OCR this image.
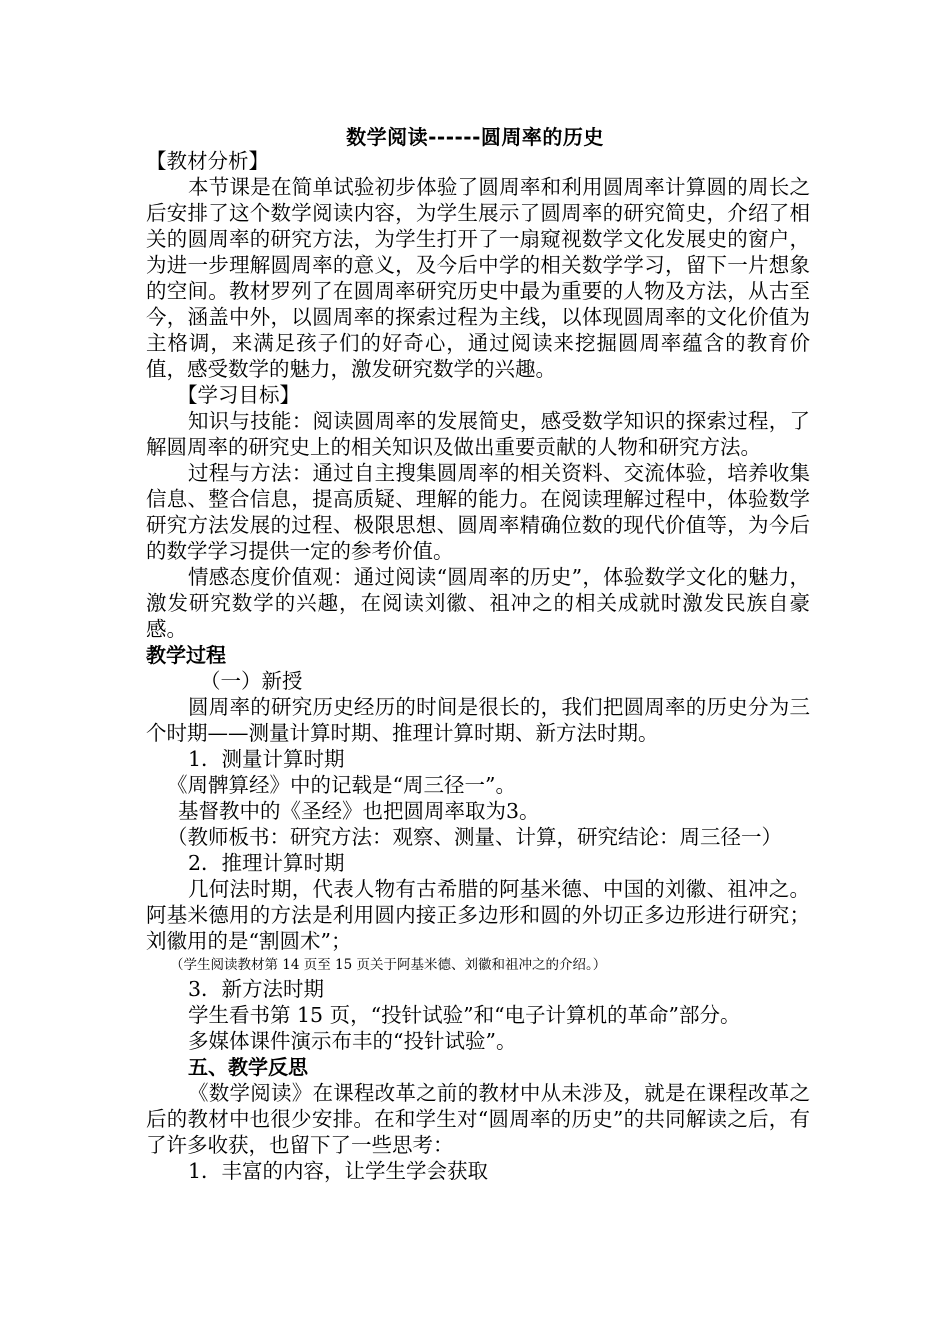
数学阅读------圆周率的历史

【教材分析】

本节课是在简单试验初步体验了圆周率和利用圆周率计算圆的周长之后安排了这个数学阅读内容，为学生展示了圆周率的研究简史，介绍了相关的圆周率的研究方法，为学生打开了一扇窥视数学文化发展史的窗户，为进一步理解圆周率的意义，及今后中学的相关数学学习，留下一片想象的空间。教材罗列了在圆周率研究历史中最为重要的人物及方法，从古至今，涵盖中外，以圆周率的探索过程为主线，以体现圆周率的文化价值为主格调，来满足孩子们的好奇心，通过阅读来挖掘圆周率蕴含的教育价值，感受数学的魅力，激发研究数学的兴趣。

【学习目标】

知识与技能：阅读圆周率的发展简史，感受数学知识的探索过程，了解圆周率的研究史上的相关知识及做出重要贡献的人物和研究方法。

过程与方法：通过自主搜集圆周率的相关资料、交流体验，培养收集信息、整合信息，提高质疑、理解的能力。在阅读理解过程中，体验数学研究方法发展的过程、极限思想、圆周率精确位数的现代价值等，为今后的数学学习提供一定的参考价值。

情感态度价值观：通过阅读“圆周率的历史”，体验数学文化的魅力，激发研究数学的兴趣，在阅读刘徽、祖冲之的相关成就时激发民族自豪感。

教学过程

（一）新授

圆周率的研究历史经历的时间是很长的，我们把圆周率的历史分为三个时期——测量计算时期、推理计算时期、新方法时期。

1．测量计算时期

《周髀算经》中的记载是“周三径一”。

基督教中的《圣经》也把圆周率取为3。

（教师板书：研究方法：观察、测量、计算，研究结论：周三径一）

2．推理计算时期

几何法时期，代表人物有古希腊的阿基米德、中国的刘徽、祖冲之。阿基米德用的方法是利用圆内接正多边形和圆的外切正多边形进行研究；刘徽用的是“割圆术”；

（学生阅读教材第 14 页至 15 页关于阿基米德、刘徽和祖冲之的介绍。）

3．新方法时期

学生看书第 15 页，“投针试验”和“电子计算机的革命”部分。

多媒体课件演示布丰的“投针试验”。

五、教学反思

《数学阅读》在课程改革之前的教材中从未涉及，就是在课程改革之后的教材中也很少安排。在和学生对“圆周率的历史”的共同解读之后，有了许多收获，也留下了一些思考：

1．丰富的内容，让学生学会获取
